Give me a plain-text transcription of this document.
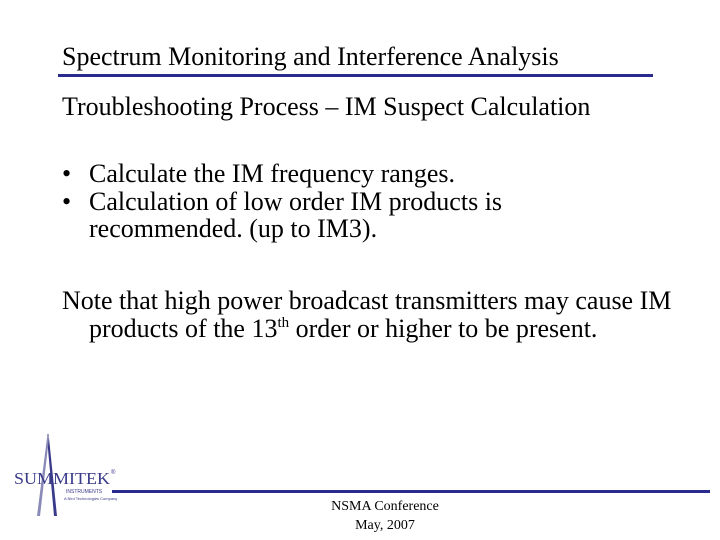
Spectrum Monitoring and Interference Analysis
Troubleshooting Process – IM Suspect Calculation
• Calculate the IM frequency ranges.
• Calculation of low order IM products is recommended. (up to IM3).
Note that high power broadcast transmitters may cause IM products of the 13th order or higher to be present.
SUMMITEK ®
INSTRUMENTS
A Bird Technologies Company
NSMA Conference
May, 2007
